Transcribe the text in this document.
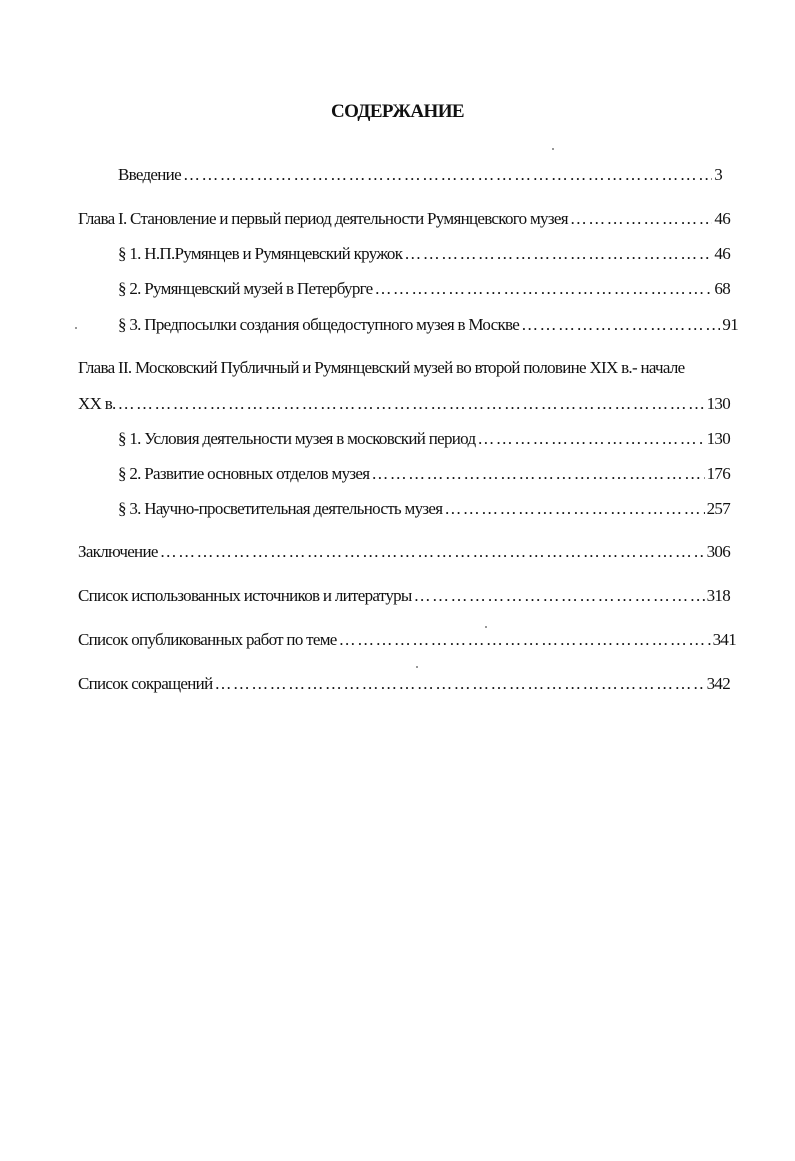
СОДЕРЖАНИЕ
Введение ………………………………………………………………………………………………………………………………………………………………………………………………	3
Глава I. Становление и первый период деятельности Румянцевского музея ………………………………………………………………………………………………………………………………………………………………………………………………	46
§ 1. Н.П.Румянцев и Румянцевский кружок ………………………………………………………………………………………………………………………………………………………………………………………………	46
§ 2. Румянцевский музей в Петербурге ………………………………………………………………………………………………………………………………………………………………………………………………	68
§ 3. Предпосылки создания общедоступного музея в Москве ………………………………………………………………………………………………………………………………………………………………………………………………	91
Глава II. Московский Публичный и Румянцевский музей во второй половине XIX в.- начале
XX в. ………………………………………………………………………………………………………………………………………………………………………………………………	130
§ 1. Условия деятельности музея в московский период ………………………………………………………………………………………………………………………………………………………………………………………………	130
§ 2. Развитие основных отделов музея ………………………………………………………………………………………………………………………………………………………………………………………………	176
§ 3. Научно-просветительная деятельность музея ………………………………………………………………………………………………………………………………………………………………………………………………	257
Заключение ………………………………………………………………………………………………………………………………………………………………………………………………	306
Список использованных источников и литературы ………………………………………………………………………………………………………………………………………………………………………………………………	318
Список опубликованных работ по теме ………………………………………………………………………………………………………………………………………………………………………………………………	341
Список сокращений ………………………………………………………………………………………………………………………………………………………………………………………………	342
